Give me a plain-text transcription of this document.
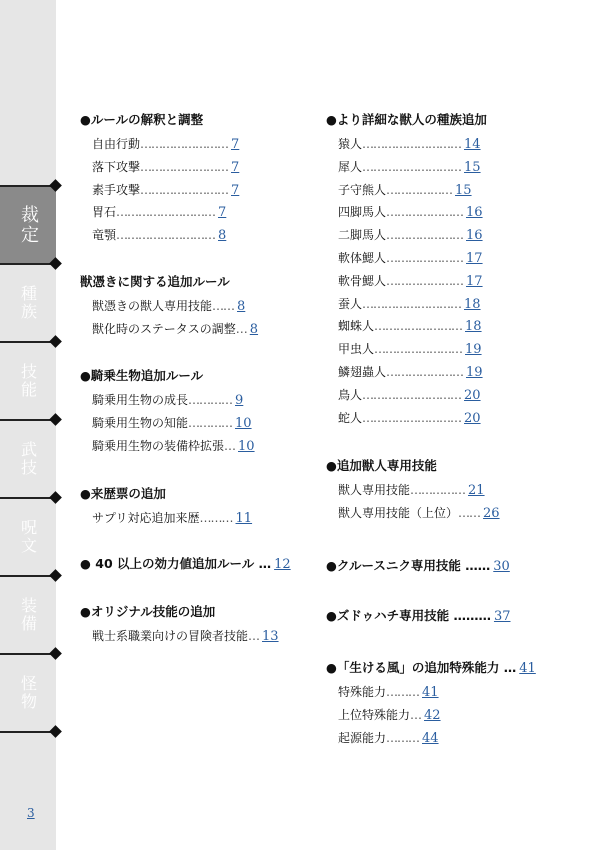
裁定
種族
技能
武技
呪文
装備
怪物
3
●ルールの解釈と調整
自由行動…………………… 7
落下攻撃…………………… 7
素手攻撃…………………… 7
胃石……………………… 7
竜顎……………………… 8
獣憑きに関する追加ルール
獣憑きの獣人専用技能…… 8
獣化時のステータスの調整… 8
●騎乗生物追加ルール
騎乗用生物の成長………… 9
騎乗用生物の知能………… 10
騎乗用生物の装備枠拡張… 10
●来歴票の追加
サプリ対応追加来歴……… 11
● 40 以上の効力値追加ルール … 12
●オリジナル技能の追加
戦士系職業向けの冒険者技能… 13
●より詳細な獣人の種族追加
猿人……………………… 14
犀人……………………… 15
子守熊人……………… 15
四脚馬人………………… 16
二脚馬人………………… 16
軟体鰓人………………… 17
軟骨鰓人………………… 17
蚕人……………………… 18
蜘蛛人…………………… 18
甲虫人…………………… 19
鱗翅蟲人………………… 19
鳥人……………………… 20
蛇人……………………… 20
●追加獣人専用技能
獣人専用技能…………… 21
獣人専用技能（上位）…… 26
●クルースニク専用技能 …… 30
●ズドゥハチ専用技能 ……… 37
●「生ける風」の追加特殊能力 … 41
特殊能力……… 41
上位特殊能力… 42
起源能力……… 44
